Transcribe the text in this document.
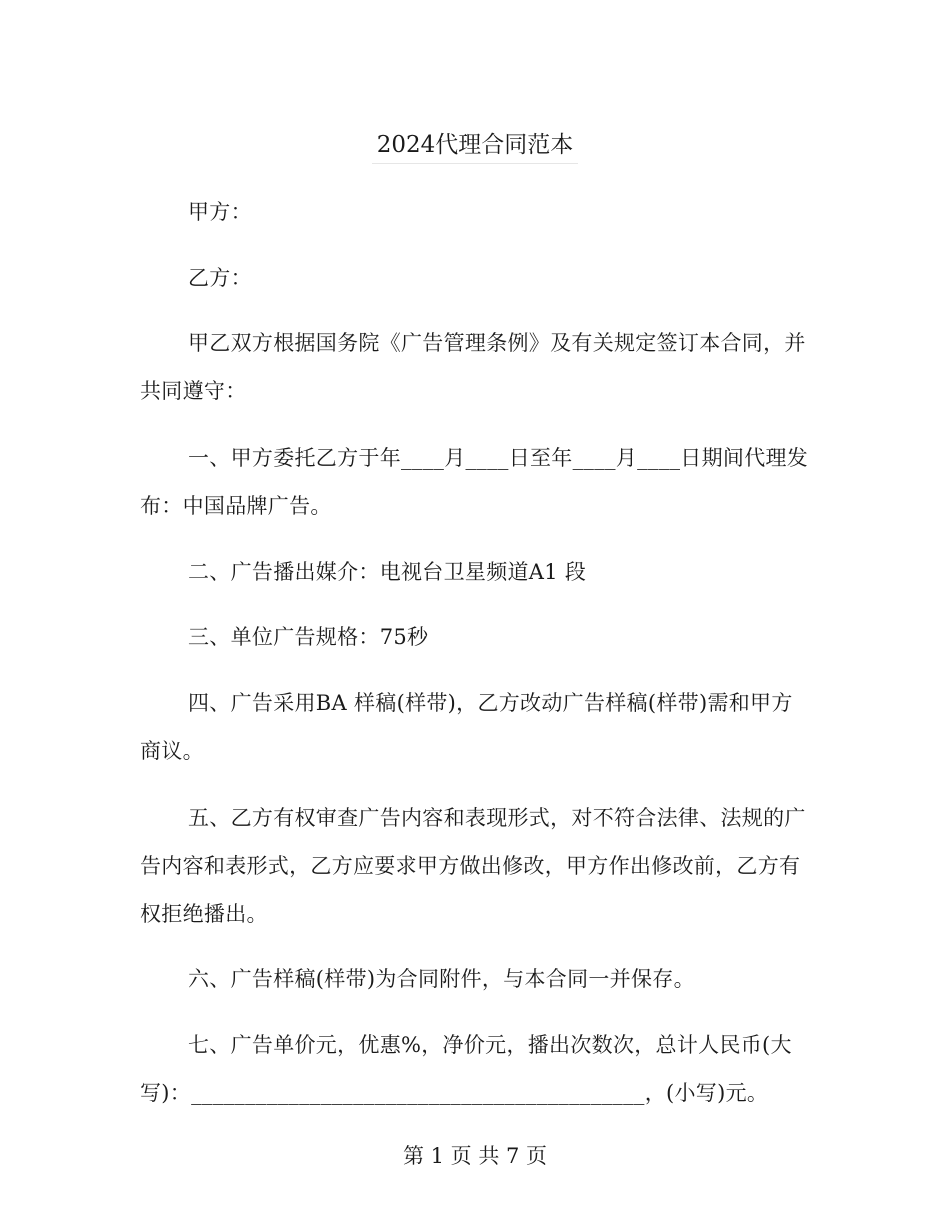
2024代理合同范本

甲方：

乙方：

甲乙双方根据国务院《广告管理条例》及有关规定签订本合同，并共同遵守：

一、甲方委托乙方于年____月____日至年____月____日期间代理发布：中国品牌广告。

二、广告播出媒介：电视台卫星频道A1 段

三、单位广告规格：75秒

四、广告采用BA 样稿(样带)，乙方改动广告样稿(样带)需和甲方商议。

五、乙方有权审查广告内容和表现形式，对不符合法律、法规的广告内容和表形式，乙方应要求甲方做出修改，甲方作出修改前，乙方有权拒绝播出。

六、广告样稿(样带)为合同附件，与本合同一并保存。

七、广告单价元，优惠%，净价元，播出次数次，总计人民币(大写)：__________________________________________，(小写)元。

第 1 页 共 7 页
